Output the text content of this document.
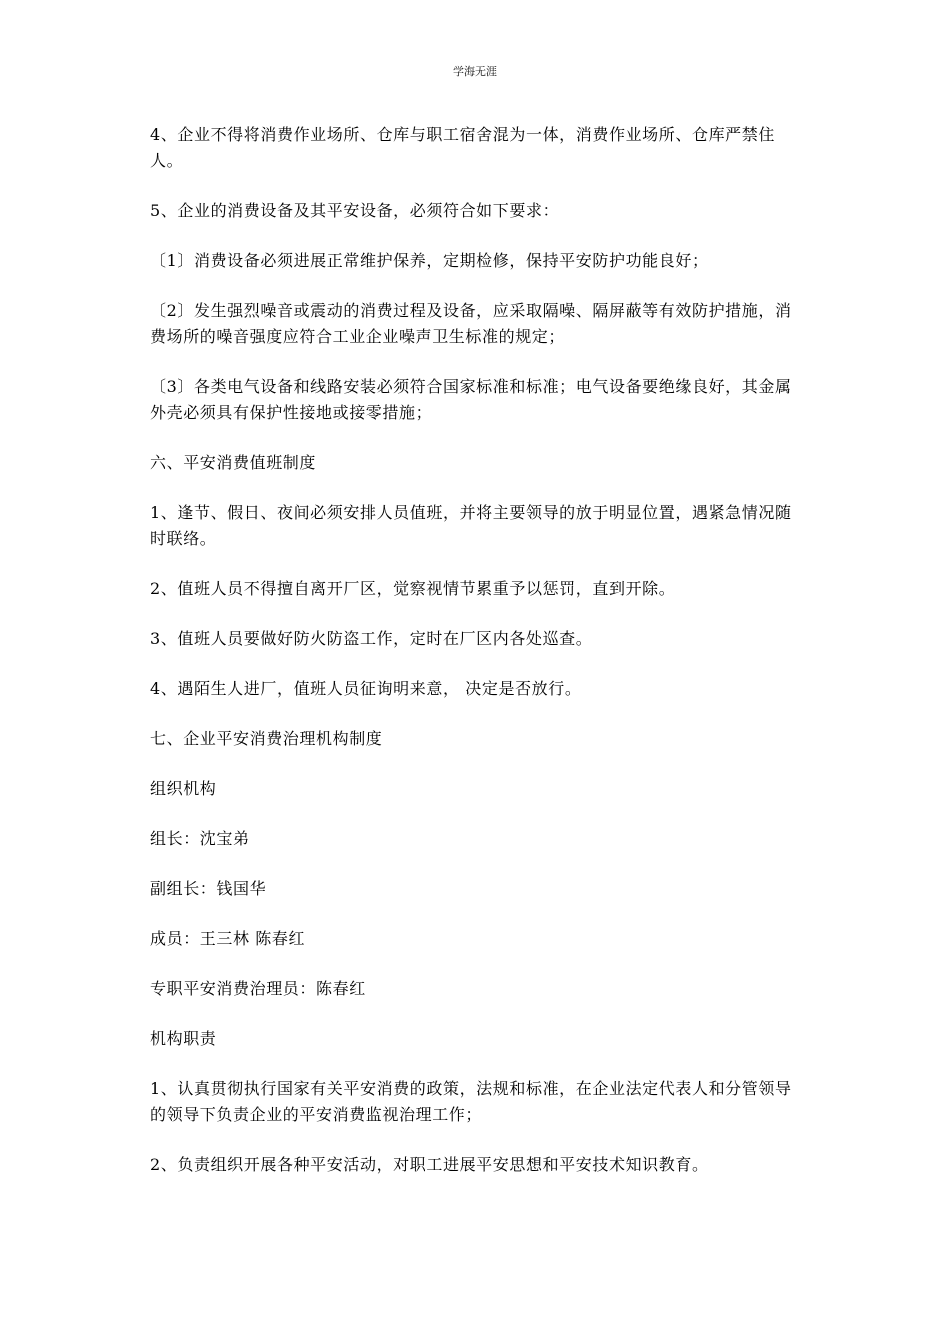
学海无涯

4、企业不得将消费作业场所、仓库与职工宿舍混为一体，消费作业场所、仓库严禁住人。

5、企业的消费设备及其平安设备，必须符合如下要求：

〔1〕消费设备必须进展正常维护保养，定期检修，保持平安防护功能良好；

〔2〕发生强烈噪音或震动的消费过程及设备，应采取隔噪、隔屏蔽等有效防护措施，消费场所的噪音强度应符合工业企业噪声卫生标准的规定；

〔3〕各类电气设备和线路安装必须符合国家标准和标准；电气设备要绝缘良好，其金属外壳必须具有保护性接地或接零措施；

六、平安消费值班制度

1、逢节、假日、夜间必须安排人员值班，并将主要领导的放于明显位置，遇紧急情况随时联络。

2、值班人员不得擅自离开厂区，觉察视情节累重予以惩罚，直到开除。

3、值班人员要做好防火防盗工作，定时在厂区内各处巡查。

4、遇陌生人进厂，值班人员征询明来意， 决定是否放行。

七、企业平安消费治理机构制度

组织机构

组长：沈宝弟

副组长：钱国华

成员：王三林 陈春红

专职平安消费治理员：陈春红

机构职责

1、认真贯彻执行国家有关平安消费的政策，法规和标准，在企业法定代表人和分管领导的领导下负责企业的平安消费监视治理工作；

2、负责组织开展各种平安活动，对职工进展平安思想和平安技术知识教育。
